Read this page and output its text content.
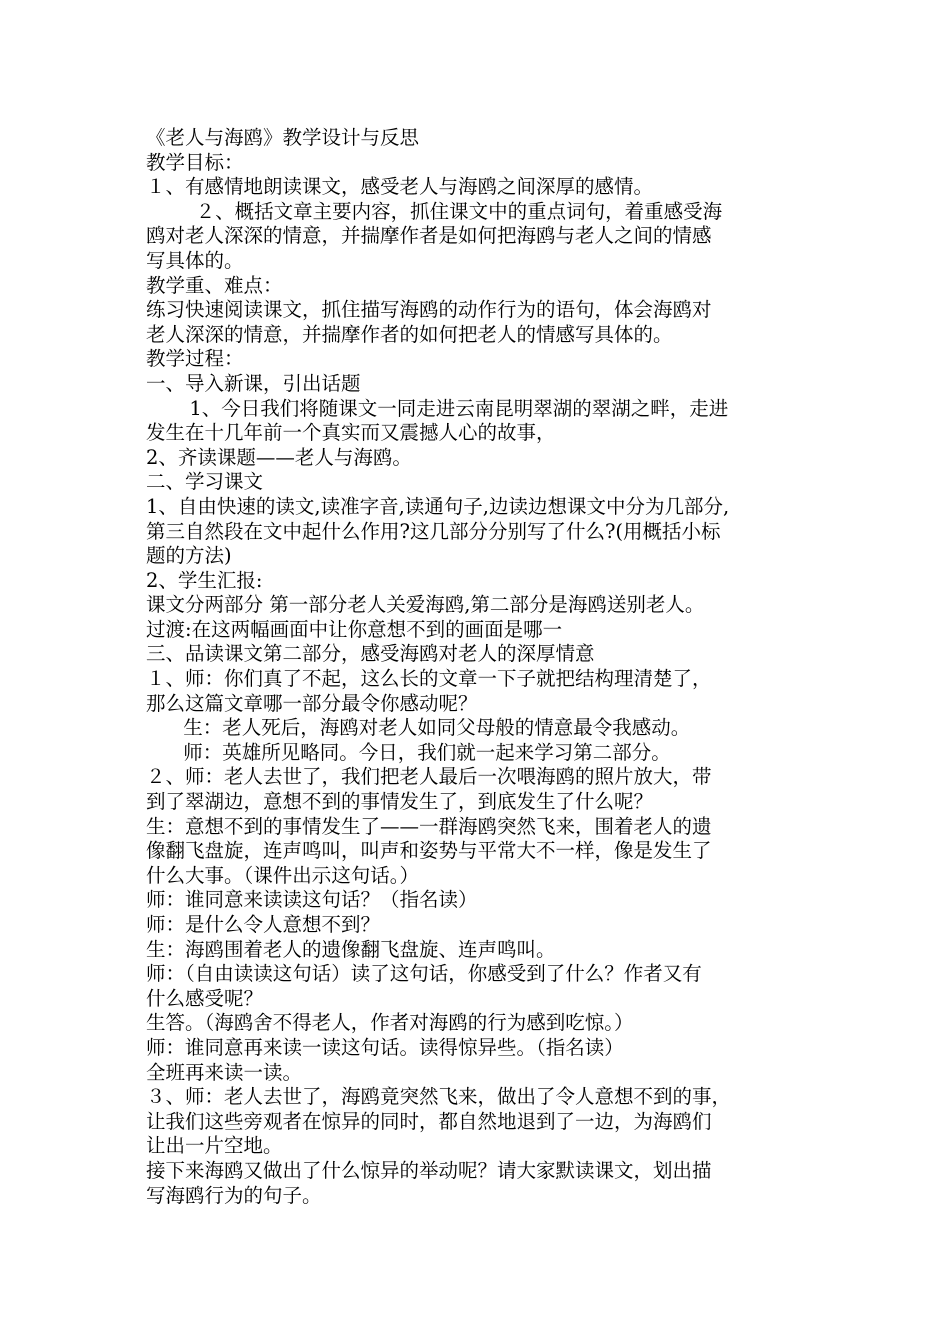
《老人与海鸥》教学设计与反思
教学目标：
１、有感情地朗读课文，感受老人与海鸥之间深厚的感情。
２、概括文章主要内容，抓住课文中的重点词句，着重感受海
鸥对老人深深的情意，并揣摩作者是如何把海鸥与老人之间的情感
写具体的。
教学重、难点：
练习快速阅读课文，抓住描写海鸥的动作行为的语句，体会海鸥对
老人深深的情意，并揣摩作者的如何把老人的情感写具体的。
教学过程：
一、导入新课，引出话题
1、今日我们将随课文一同走进云南昆明翠湖的翠湖之畔，走进
发生在十几年前一个真实而又震撼人心的故事，
2、齐读课题——老人与海鸥。
二、学习课文
1、自由快速的读文,读准字音,读通句子,边读边想课文中分为几部分,
第三自然段在文中起什么作用?这几部分分别写了什么?(用概括小标
题的方法)
2、学生汇报:
课文分两部分 第一部分老人关爱海鸥,第二部分是海鸥送别老人。
过渡:在这两幅画面中让你意想不到的画面是哪一
三、品读课文第二部分，感受海鸥对老人的深厚情意
１、师：你们真了不起，这么长的文章一下子就把结构理清楚了，
那么这篇文章哪一部分最令你感动呢？
生：老人死后，海鸥对老人如同父母般的情意最令我感动。
师：英雄所见略同。今日，我们就一起来学习第二部分。
２、师：老人去世了，我们把老人最后一次喂海鸥的照片放大，带
到了翠湖边，意想不到的事情发生了，到底发生了什么呢？
生：意想不到的事情发生了——一群海鸥突然飞来，围着老人的遗
像翻飞盘旋，连声鸣叫，叫声和姿势与平常大不一样，像是发生了
什么大事。（课件出示这句话。）
师：谁同意来读读这句话？（指名读）
师：是什么令人意想不到？
生：海鸥围着老人的遗像翻飞盘旋、连声鸣叫。
师：（自由读读这句话）读了这句话，你感受到了什么？作者又有
什么感受呢？
生答。（海鸥舍不得老人，作者对海鸥的行为感到吃惊。）
师：谁同意再来读一读这句话。读得惊异些。（指名读）
全班再来读一读。
３、师：老人去世了，海鸥竟突然飞来，做出了令人意想不到的事，
让我们这些旁观者在惊异的同时，都自然地退到了一边，为海鸥们
让出一片空地。
接下来海鸥又做出了什么惊异的举动呢？请大家默读课文，划出描
写海鸥行为的句子。
